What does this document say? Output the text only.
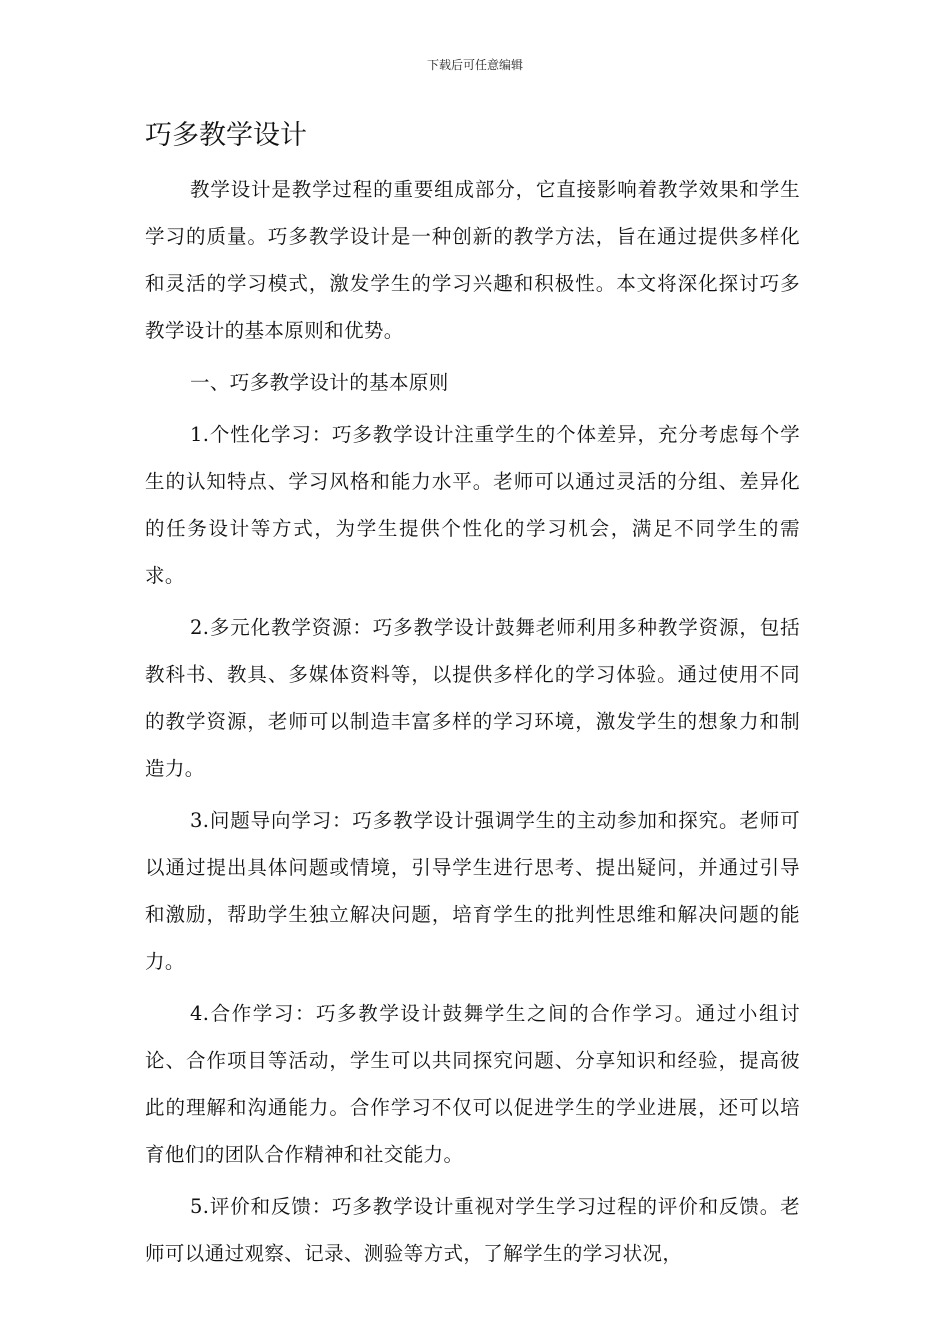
下载后可任意编辑
巧多教学设计

教学设计是教学过程的重要组成部分，它直接影响着教学效果和学生学习的质量。巧多教学设计是一种创新的教学方法，旨在通过提供多样化和灵活的学习模式，激发学生的学习兴趣和积极性。本文将深化探讨巧多教学设计的基本原则和优势。

一、巧多教学设计的基本原则

1.个性化学习：巧多教学设计注重学生的个体差异，充分考虑每个学生的认知特点、学习风格和能力水平。老师可以通过灵活的分组、差异化的任务设计等方式，为学生提供个性化的学习机会，满足不同学生的需求。

2.多元化教学资源：巧多教学设计鼓舞老师利用多种教学资源，包括教科书、教具、多媒体资料等，以提供多样化的学习体验。通过使用不同的教学资源，老师可以制造丰富多样的学习环境，激发学生的想象力和制造力。

3.问题导向学习：巧多教学设计强调学生的主动参加和探究。老师可以通过提出具体问题或情境，引导学生进行思考、提出疑问，并通过引导和激励，帮助学生独立解决问题，培育学生的批判性思维和解决问题的能力。

4.合作学习：巧多教学设计鼓舞学生之间的合作学习。通过小组讨论、合作项目等活动，学生可以共同探究问题、分享知识和经验，提高彼此的理解和沟通能力。合作学习不仅可以促进学生的学业进展，还可以培育他们的团队合作精神和社交能力。

5.评价和反馈：巧多教学设计重视对学生学习过程的评价和反馈。老师可以通过观察、记录、测验等方式，了解学生的学习状况，
